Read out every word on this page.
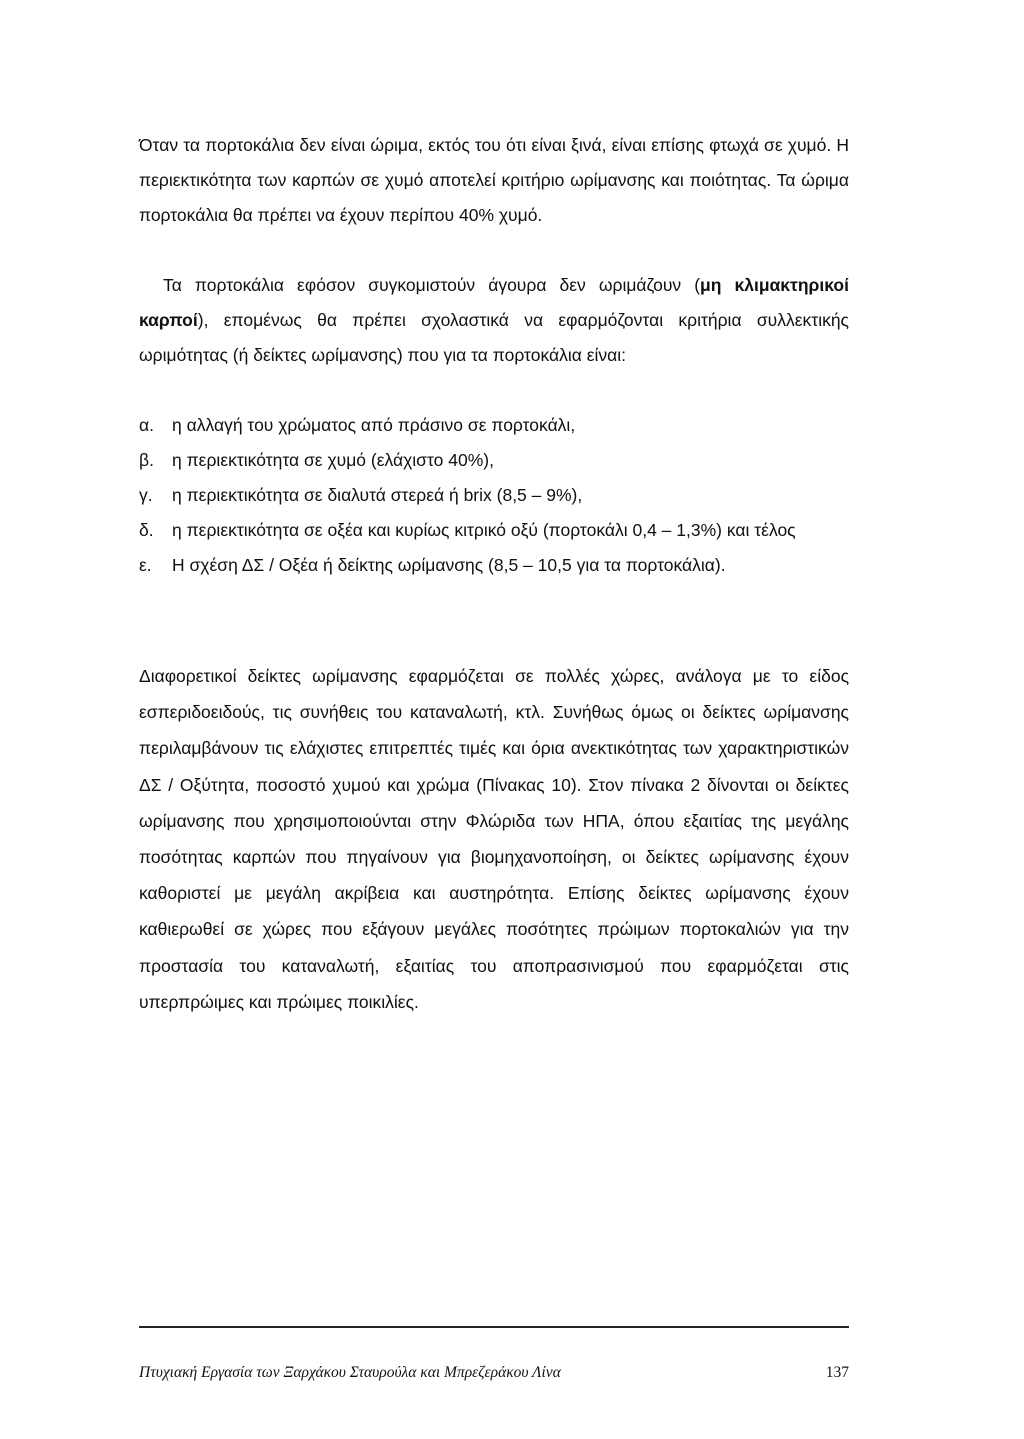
Όταν τα πορτοκάλια δεν είναι ώριμα, εκτός του ότι είναι ξινά, είναι επίσης φτωχά σε χυμό. Η περιεκτικότητα των καρπών σε χυμό αποτελεί κριτήριο ωρίμανσης και ποιότητας. Τα ώριμα πορτοκάλια θα πρέπει να έχουν περίπου 40% χυμό.
Τα πορτοκάλια εφόσον συγκομιστούν άγουρα δεν ωριμάζουν (μη κλιμακτηρικοί καρποί), επομένως θα πρέπει σχολαστικά να εφαρμόζονται κριτήρια συλλεκτικής ωριμότητας (ή δείκτες ωρίμανσης) που για τα πορτοκάλια είναι:
α.	η αλλαγή του χρώματος από πράσινο σε πορτοκάλι,
β.	η περιεκτικότητα σε χυμό (ελάχιστο 40%),
γ.	η περιεκτικότητα σε διαλυτά στερεά ή brix (8,5 – 9%),
δ.	η περιεκτικότητα σε οξέα και κυρίως κιτρικό οξύ (πορτοκάλι 0,4 – 1,3%) και τέλος
ε.	Η σχέση ΔΣ / Οξέα ή δείκτης ωρίμανσης (8,5 – 10,5 για τα πορτοκάλια).
Διαφορετικοί δείκτες ωρίμανσης εφαρμόζεται σε πολλές χώρες, ανάλογα με το είδος εσπεριδοειδούς, τις συνήθεις του καταναλωτή, κτλ. Συνήθως όμως οι δείκτες ωρίμανσης περιλαμβάνουν τις ελάχιστες επιτρεπτές τιμές και όρια ανεκτικότητας των χαρακτηριστικών ΔΣ / Οξύτητα, ποσοστό χυμού και χρώμα (Πίνακας 10). Στον πίνακα 2 δίνονται οι δείκτες ωρίμανσης που χρησιμοποιούνται στην Φλώριδα των ΗΠΑ, όπου εξαιτίας της μεγάλης ποσότητας καρπών που πηγαίνουν για βιομηχανοποίηση, οι δείκτες ωρίμανσης έχουν καθοριστεί με μεγάλη ακρίβεια και αυστηρότητα. Επίσης δείκτες ωρίμανσης έχουν καθιερωθεί σε χώρες που εξάγουν μεγάλες ποσότητες πρώιμων πορτοκαλιών για την προστασία του καταναλωτή, εξαιτίας του αποπρασινισμού που εφαρμόζεται στις υπερπρώιμες και πρώιμες ποικιλίες.
Πτυχιακή Εργασία των Ξαρχάκου Σταυρούλα και Μπρεζεράκου Λίνα	137
